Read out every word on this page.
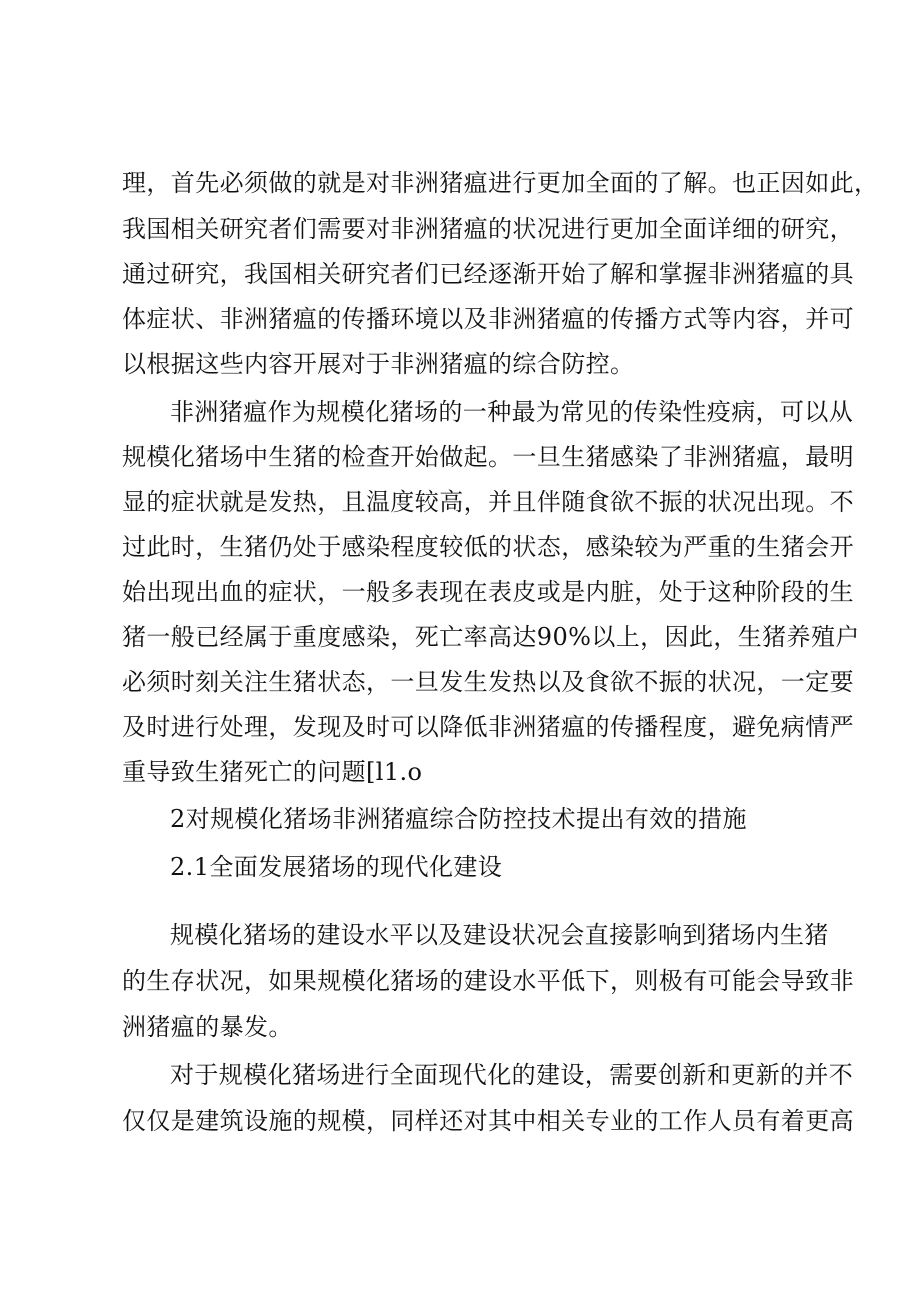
理，首先必须做的就是对非洲猪瘟进行更加全面的了解。也正因如此，
我国相关研究者们需要对非洲猪瘟的状况进行更加全面详细的研究，
通过研究，我国相关研究者们已经逐渐开始了解和掌握非洲猪瘟的具
体症状、非洲猪瘟的传播环境以及非洲猪瘟的传播方式等内容，并可
以根据这些内容开展对于非洲猪瘟的综合防控。
非洲猪瘟作为规模化猪场的一种最为常见的传染性疫病，可以从
规模化猪场中生猪的检查开始做起。一旦生猪感染了非洲猪瘟，最明
显的症状就是发热，且温度较高，并且伴随食欲不振的状况出现。不
过此时，生猪仍处于感染程度较低的状态，感染较为严重的生猪会开
始出现出血的症状，一般多表现在表皮或是内脏，处于这种阶段的生
猪一般已经属于重度感染，死亡率高达90%以上，因此，生猪养殖户
必须时刻关注生猪状态，一旦发生发热以及食欲不振的状况，一定要
及时进行处理，发现及时可以降低非洲猪瘟的传播程度，避免病情严
重导致生猪死亡的问题[l1.o
2对规模化猪场非洲猪瘟综合防控技术提出有效的措施
2.1全面发展猪场的现代化建设
规模化猪场的建设水平以及建设状况会直接影响到猪场内生猪
的生存状况，如果规模化猪场的建设水平低下，则极有可能会导致非
洲猪瘟的暴发。
对于规模化猪场进行全面现代化的建设，需要创新和更新的并不
仅仅是建筑设施的规模，同样还对其中相关专业的工作人员有着更高
